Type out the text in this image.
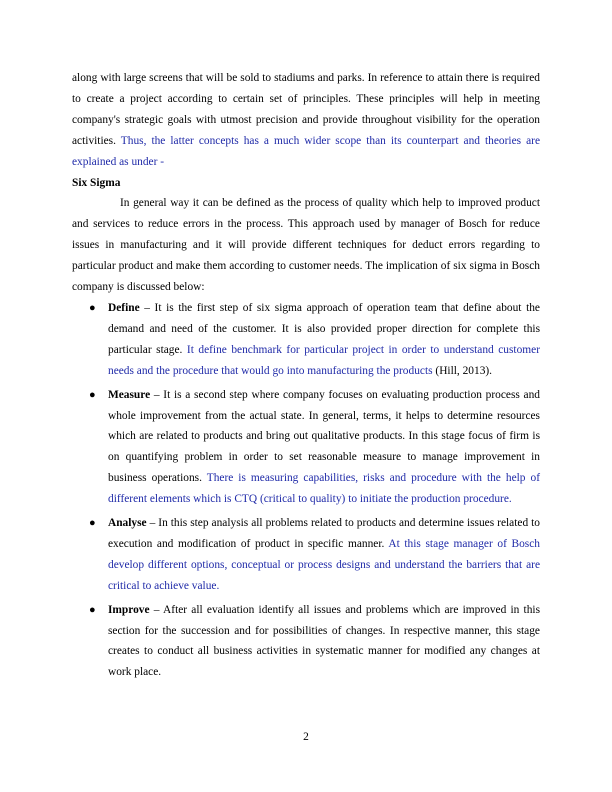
along with large screens that will be sold to stadiums and parks. In reference to attain there is required to create a project according to certain set of principles. These principles will help in meeting company's strategic goals with utmost precision and provide throughout visibility for the operation activities. Thus, the latter concepts has a much wider scope than its counterpart and theories are explained as under -

Six Sigma

In general way it can be defined as the process of quality which help to improved product and services to reduce errors in the process. This approach used by manager of Bosch for reduce issues in manufacturing and it will provide different techniques for deduct errors regarding to particular product and make them according to customer needs. The implication of six sigma in Bosch company is discussed below:

● Define – It is the first step of six sigma approach of operation team that define about the demand and need of the customer. It is also provided proper direction for complete this particular stage. It define benchmark for particular project in order to understand customer needs and the procedure that would go into manufacturing the products (Hill, 2013).
● Measure – It is a second step where company focuses on evaluating production process and whole improvement from the actual state. In general, terms, it helps to determine resources which are related to products and bring out qualitative products. In this stage focus of firm is on quantifying problem in order to set reasonable measure to manage improvement in business operations. There is measuring capabilities, risks and procedure with the help of different elements which is CTQ (critical to quality) to initiate the production procedure.
● Analyse – In this step analysis all problems related to products and determine issues related to execution and modification of product in specific manner. At this stage manager of Bosch develop different options, conceptual or process designs and understand the barriers that are critical to achieve value.
● Improve – After all evaluation identify all issues and problems which are improved in this section for the succession and for possibilities of changes. In respective manner, this stage creates to conduct all business activities in systematic manner for modified any changes at work place.
2
